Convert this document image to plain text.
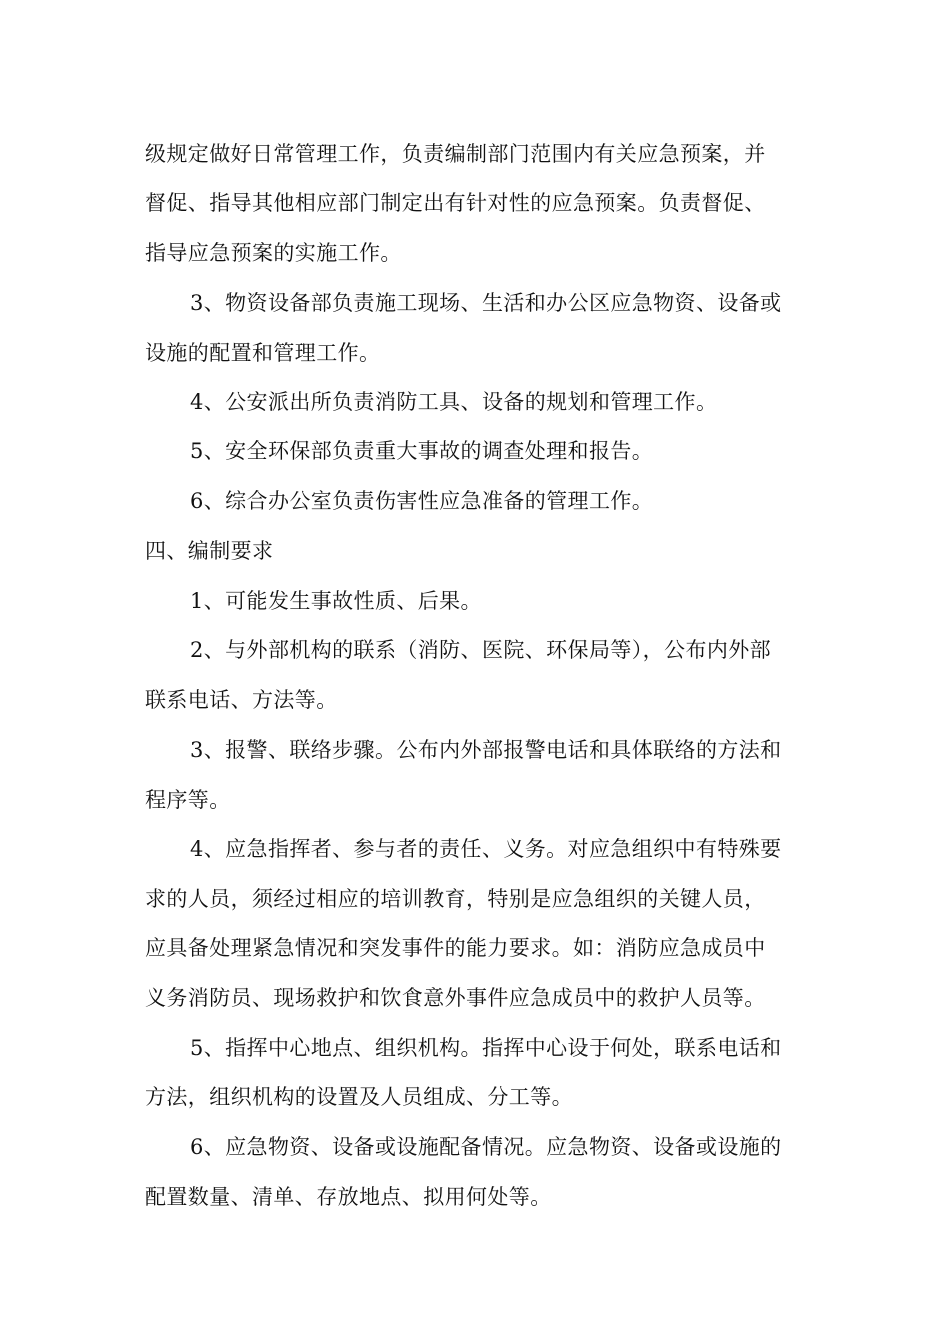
级规定做好日常管理工作，负责编制部门范围内有关应急预案，并
督促、指导其他相应部门制定出有针对性的应急预案。负责督促、
指导应急预案的实施工作。
3、物资设备部负责施工现场、生活和办公区应急物资、设备或
设施的配置和管理工作。
4、公安派出所负责消防工具、设备的规划和管理工作。
5、安全环保部负责重大事故的调查处理和报告。
6、综合办公室负责伤害性应急准备的管理工作。
四、编制要求
1、可能发生事故性质、后果。
2、与外部机构的联系（消防、医院、环保局等），公布内外部
联系电话、方法等。
3、报警、联络步骤。公布内外部报警电话和具体联络的方法和
程序等。
4、应急指挥者、参与者的责任、义务。对应急组织中有特殊要
求的人员，须经过相应的培训教育，特别是应急组织的关键人员，
应具备处理紧急情况和突发事件的能力要求。如：消防应急成员中
义务消防员、现场救护和饮食意外事件应急成员中的救护人员等。
5、指挥中心地点、组织机构。指挥中心设于何处，联系电话和
方法，组织机构的设置及人员组成、分工等。
6、应急物资、设备或设施配备情况。应急物资、设备或设施的
配置数量、清单、存放地点、拟用何处等。
